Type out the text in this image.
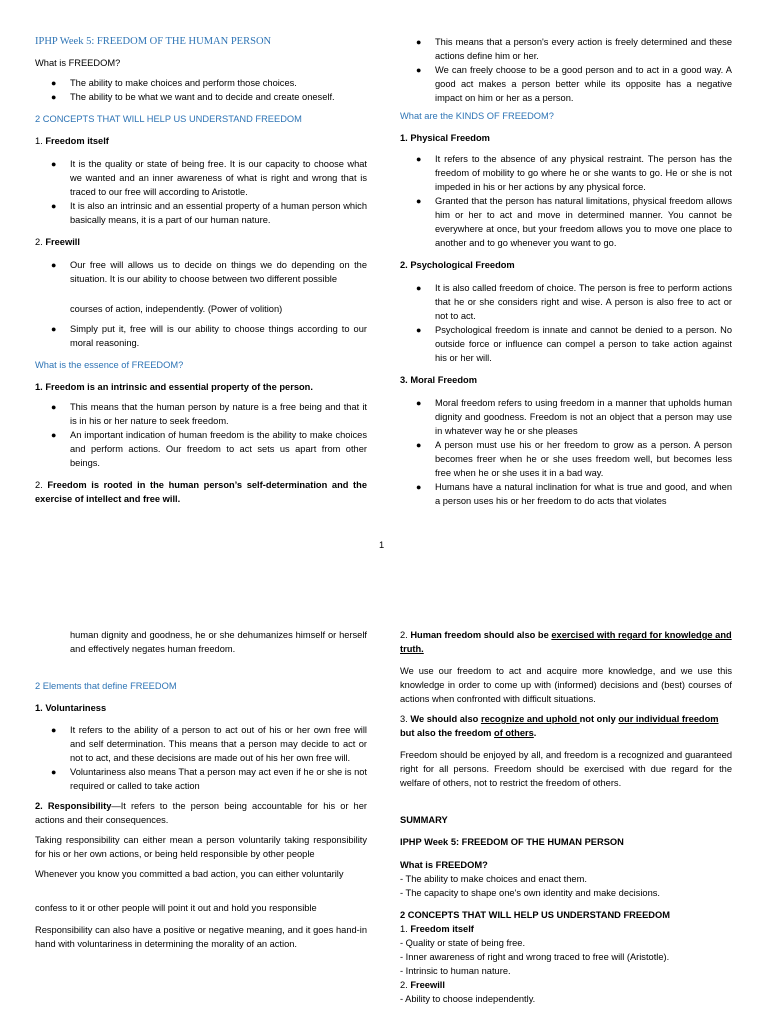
IPHP Week 5: FREEDOM OF THE HUMAN PERSON

What is FREEDOM?

● The ability to make choices and perform those choices.
● The ability to be what we want and to decide and create oneself.

2 CONCEPTS THAT WILL HELP US UNDERSTAND FREEDOM

1. Freedom itself

● It is the quality or state of being free. It is our capacity to choose what we wanted and an inner awareness of what is right and wrong that is traced to our free will according to Aristotle.
● It is also an intrinsic and an essential property of a human person which basically means, it is a part of our human nature.

2. Freewill

● Our free will allows us to decide on things we do depending on the situation. It is our ability to choose between two different possible

courses of action, independently. (Power of volition)

● Simply put it, free will is our ability to choose things according to our moral reasoning.

What is the essence of FREEDOM?

1. Freedom is an intrinsic and essential property of the person.

● This means that the human person by nature is a free being and that it is in his or her nature to seek freedom.
● An important indication of human freedom is the ability to make choices and perform actions. Our freedom to act sets us apart from other beings.

2. Freedom is rooted in the human person’s self-determination and the exercise of intellect and free will.

● This means that a person's every action is freely determined and these actions define him or her.
● We can freely choose to be a good person and to act in a good way. A good act makes a person better while its opposite has a negative impact on him or her as a person.

What are the KINDS OF FREEDOM?

1. Physical Freedom

● It refers to the absence of any physical restraint. The person has the freedom of mobility to go where he or she wants to go. He or she is not impeded in his or her actions by any physical force.
● Granted that the person has natural limitations, physical freedom allows him or her to act and move in determined manner. You cannot be everywhere at once, but your freedom allows you to move one place to another and to go whenever you want to go.

2. Psychological Freedom

● It is also called freedom of choice. The person is free to perform actions that he or she considers right and wise. A person is also free to act or not to act.
● Psychological freedom is innate and cannot be denied to a person. No outside force or influence can compel a person to take action against his or her will.

3. Moral Freedom

● Moral freedom refers to using freedom in a manner that upholds human dignity and goodness. Freedom is not an object that a person may use in whatever way he or she pleases
● A person must use his or her freedom to grow as a person. A person becomes freer when he or she uses freedom well, but becomes less free when he or she uses it in a bad way.
● Humans have a natural inclination for what is true and good, and when a person uses his or her freedom to do acts that violates
1

human dignity and goodness, he or she dehumanizes himself or herself and effectively negates human freedom.

2 Elements that define FREEDOM

1. Voluntariness

● It refers to the ability of a person to act out of his or her own free will and self determination. This means that a person may decide to act or not to act, and these decisions are made out of his her own free will.
● Voluntariness also means That a person may act even if he or she is not required or called to take action

2. Responsibility—It refers to the person being accountable for his or her actions and their consequences.

Taking responsibility can either mean a person voluntarily taking responsibility for his or her own actions, or being held responsible by other people

Whenever you know you committed a bad action, you can either voluntarily

confess to it or other people will point it out and hold you responsible

Responsibility can also have a positive or negative meaning, and it goes hand-in hand with voluntariness in determining the morality of an action.

2. Human freedom should also be exercised with regard for knowledge and truth.

We use our freedom to act and acquire more knowledge, and we use this knowledge in order to come up with (informed) decisions and (best) courses of actions when confronted with difficult situations.

3. We should also recognize and uphold not only our individual freedom but also the freedom of others.

Freedom should be enjoyed by all, and freedom is a recognized and guaranteed right for all persons. Freedom should be exercised with due regard for the welfare of others, not to restrict the freedom of others.

SUMMARY

IPHP Week 5: FREEDOM OF THE HUMAN PERSON

What is FREEDOM?

- The ability to make choices and enact them.

- The capacity to shape one's own identity and make decisions.

2 CONCEPTS THAT WILL HELP US UNDERSTAND FREEDOM

1. Freedom itself

- Quality or state of being free.

- Inner awareness of right and wrong traced to free will (Aristotle).

- Intrinsic to human nature.

2. Freewill

- Ability to choose independently.
